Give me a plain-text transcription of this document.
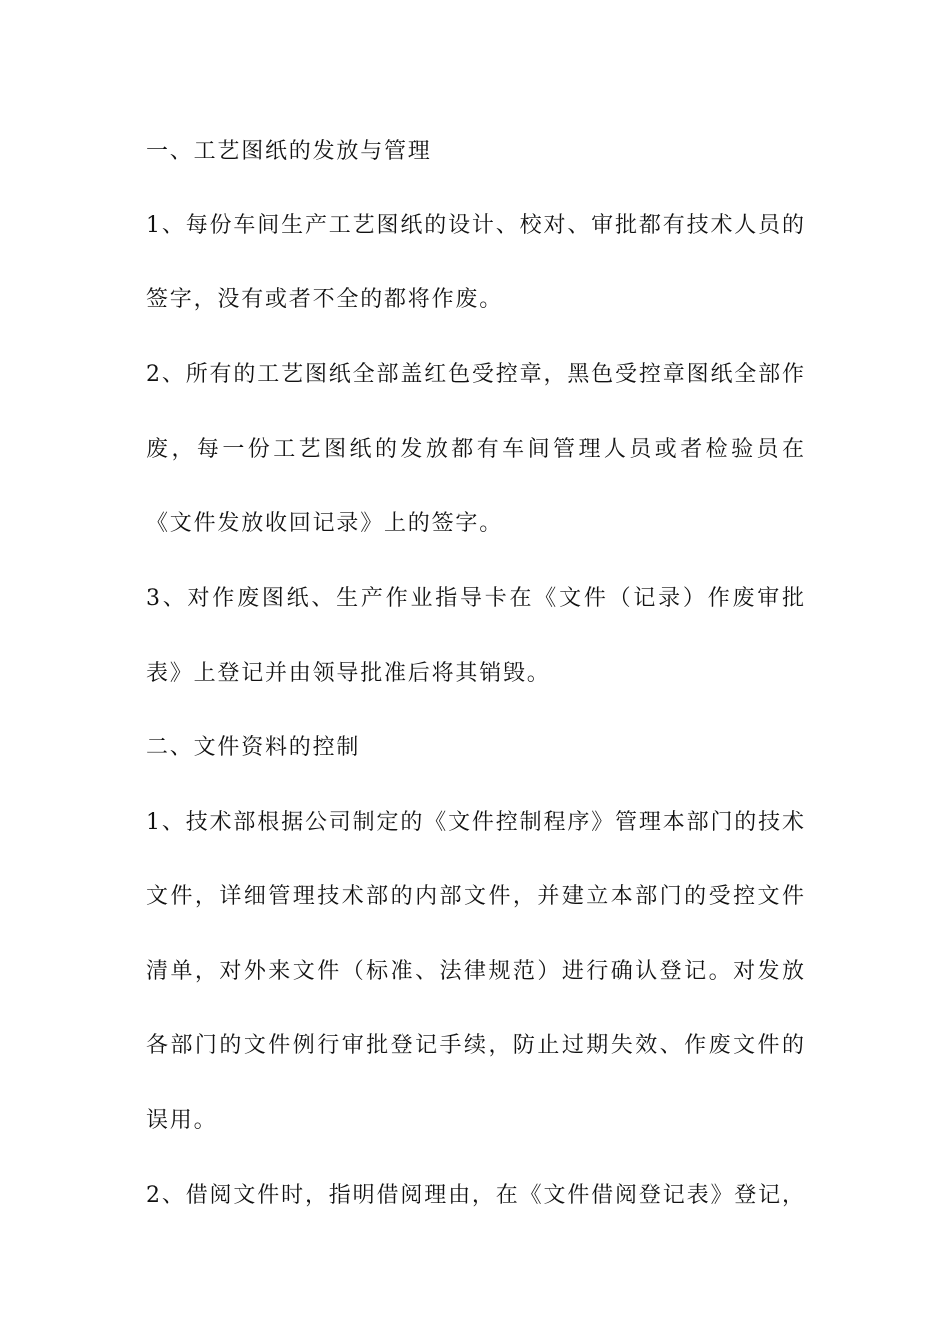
一、工艺图纸的发放与管理
1、每份车间生产工艺图纸的设计、校对、审批都有技术人员的
签字，没有或者不全的都将作废。
2、所有的工艺图纸全部盖红色受控章，黑色受控章图纸全部作
废，每一份工艺图纸的发放都有车间管理人员或者检验员在
《文件发放收回记录》上的签字。
3、对作废图纸、生产作业指导卡在《文件（记录）作废审批
表》上登记并由领导批准后将其销毁。
二、文件资料的控制
1、技术部根据公司制定的《文件控制程序》管理本部门的技术
文件，详细管理技术部的内部文件，并建立本部门的受控文件
清单，对外来文件（标准、法律规范）进行确认登记。对发放
各部门的文件例行审批登记手续，防止过期失效、作废文件的
误用。
2、借阅文件时，指明借阅理由，在《文件借阅登记表》登记，
